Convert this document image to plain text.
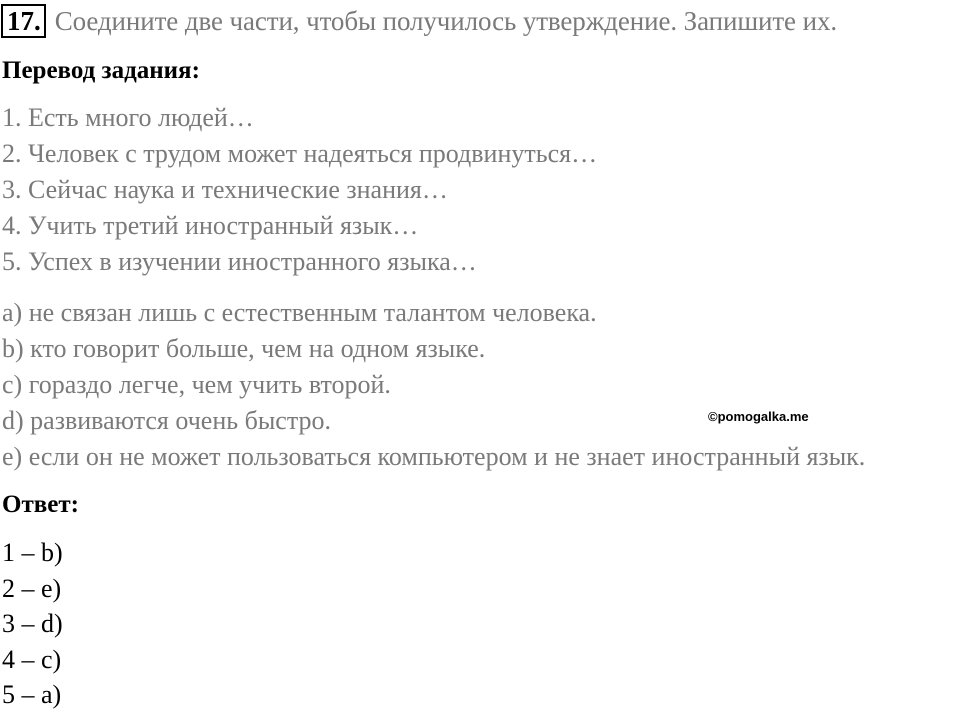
17. Соедините две части, чтобы получилось утверждение. Запишите их.
Перевод задания:
1. Есть много людей…
2. Человек с трудом может надеяться продвинуться…
3. Сейчас наука и технические знания…
4. Учить третий иностранный язык…
5. Успех в изучении иностранного языка…
a) не связан лишь с естественным талантом человека.
b) кто говорит больше, чем на одном языке.
c) гораздо легче, чем учить второй.
d) развиваются очень быстро.
e) если он не может пользоваться компьютером и не знает иностранный язык.
©pomogalka.me
Ответ:
1 – b)
2 – e)
3 – d)
4 – c)
5 – a)
